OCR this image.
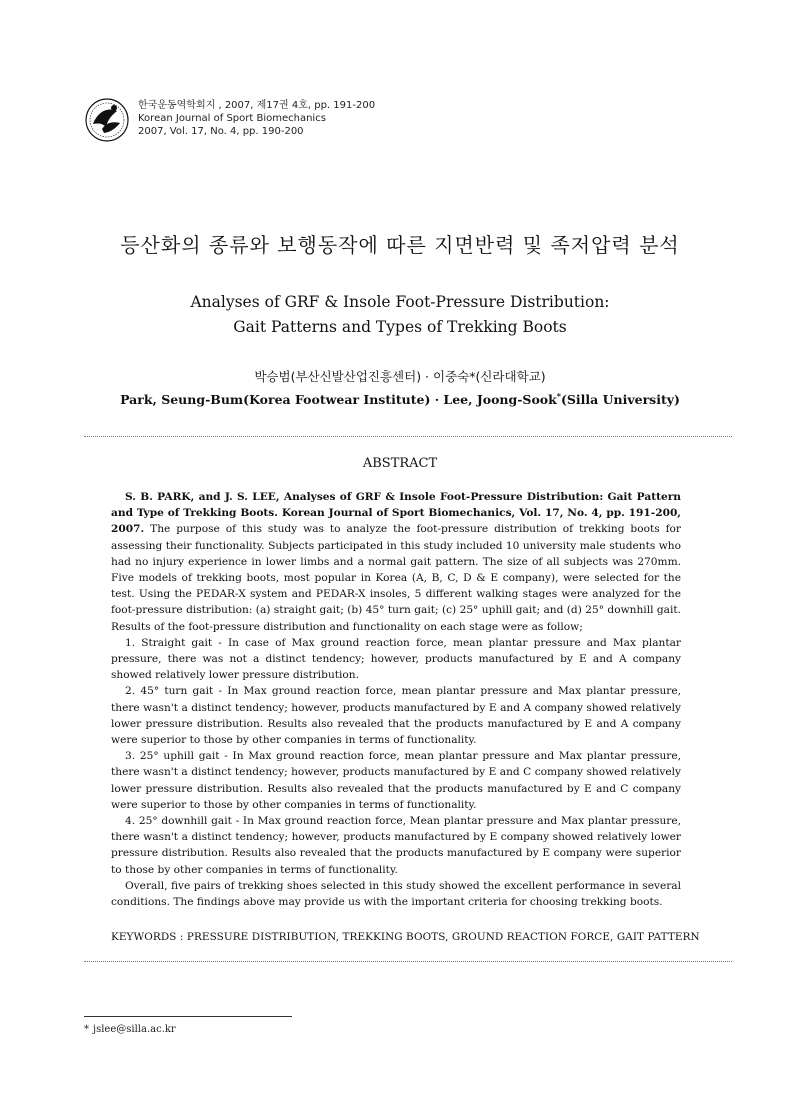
한국운동역학회지 , 2007, 제17권 4호, pp. 191-200
Korean Journal of Sport Biomechanics
2007, Vol. 17, No. 4, pp. 190-200
등산화의 종류와 보행동작에 따른 지면반력 및 족저압력 분석
Analyses of GRF & Insole Foot-Pressure Distribution:
Gait Patterns and Types of Trekking Boots
박승범(부산신발산업진흥센터) · 이중숙*(신라대학교)
Park, Seung-Bum(Korea Footwear Institute) · Lee, Joong-Sook*(Silla University)
ABSTRACT

S. B. PARK, and J. S. LEE, Analyses of GRF & Insole Foot-Pressure Distribution: Gait Pattern and Type of Trekking Boots. Korean Journal of Sport Biomechanics, Vol. 17, No. 4, pp. 191-200, 2007. The purpose of this study was to analyze the foot-pressure distribution of trekking boots for assessing their functionality. Subjects participated in this study included 10 university male students who had no injury experience in lower limbs and a normal gait pattern. The size of all subjects was 270mm. Five models of trekking boots, most popular in Korea (A, B, C, D & E company), were selected for the test. Using the PEDAR-X system and PEDAR-X insoles, 5 different walking stages were analyzed for the foot-pressure distribution: (a) straight gait; (b) 45° turn gait; (c) 25° uphill gait; and (d) 25° downhill gait. Results of the foot-pressure distribution and functionality on each stage were as follow;

1. Straight gait - In case of Max ground reaction force, mean plantar pressure and Max plantar pressure, there was not a distinct tendency; however, products manufactured by E and A company showed relatively lower pressure distribution.

2. 45° turn gait - In Max ground reaction force, mean plantar pressure and Max plantar pressure, there wasn't a distinct tendency; however, products manufactured by E and A company showed relatively lower pressure distribution. Results also revealed that the products manufactured by E and A company were superior to those by other companies in terms of functionality.

3. 25° uphill gait - In Max ground reaction force, mean plantar pressure and Max plantar pressure, there wasn't a distinct tendency; however, products manufactured by E and C company showed relatively lower pressure distribution. Results also revealed that the products manufactured by E and C company were superior to those by other companies in terms of functionality.

4. 25° downhill gait - In Max ground reaction force, Mean plantar pressure and Max plantar pressure, there wasn't a distinct tendency; however, products manufactured by E company showed relatively lower pressure distribution. Results also revealed that the products manufactured by E company were superior to those by other companies in terms of functionality.

Overall, five pairs of trekking shoes selected in this study showed the excellent performance in several conditions. The findings above may provide us with the important criteria for choosing trekking boots.

KEYWORDS : PRESSURE DISTRIBUTION, TREKKING BOOTS, GROUND REACTION FORCE, GAIT PATTERN
* jslee@silla.ac.kr
